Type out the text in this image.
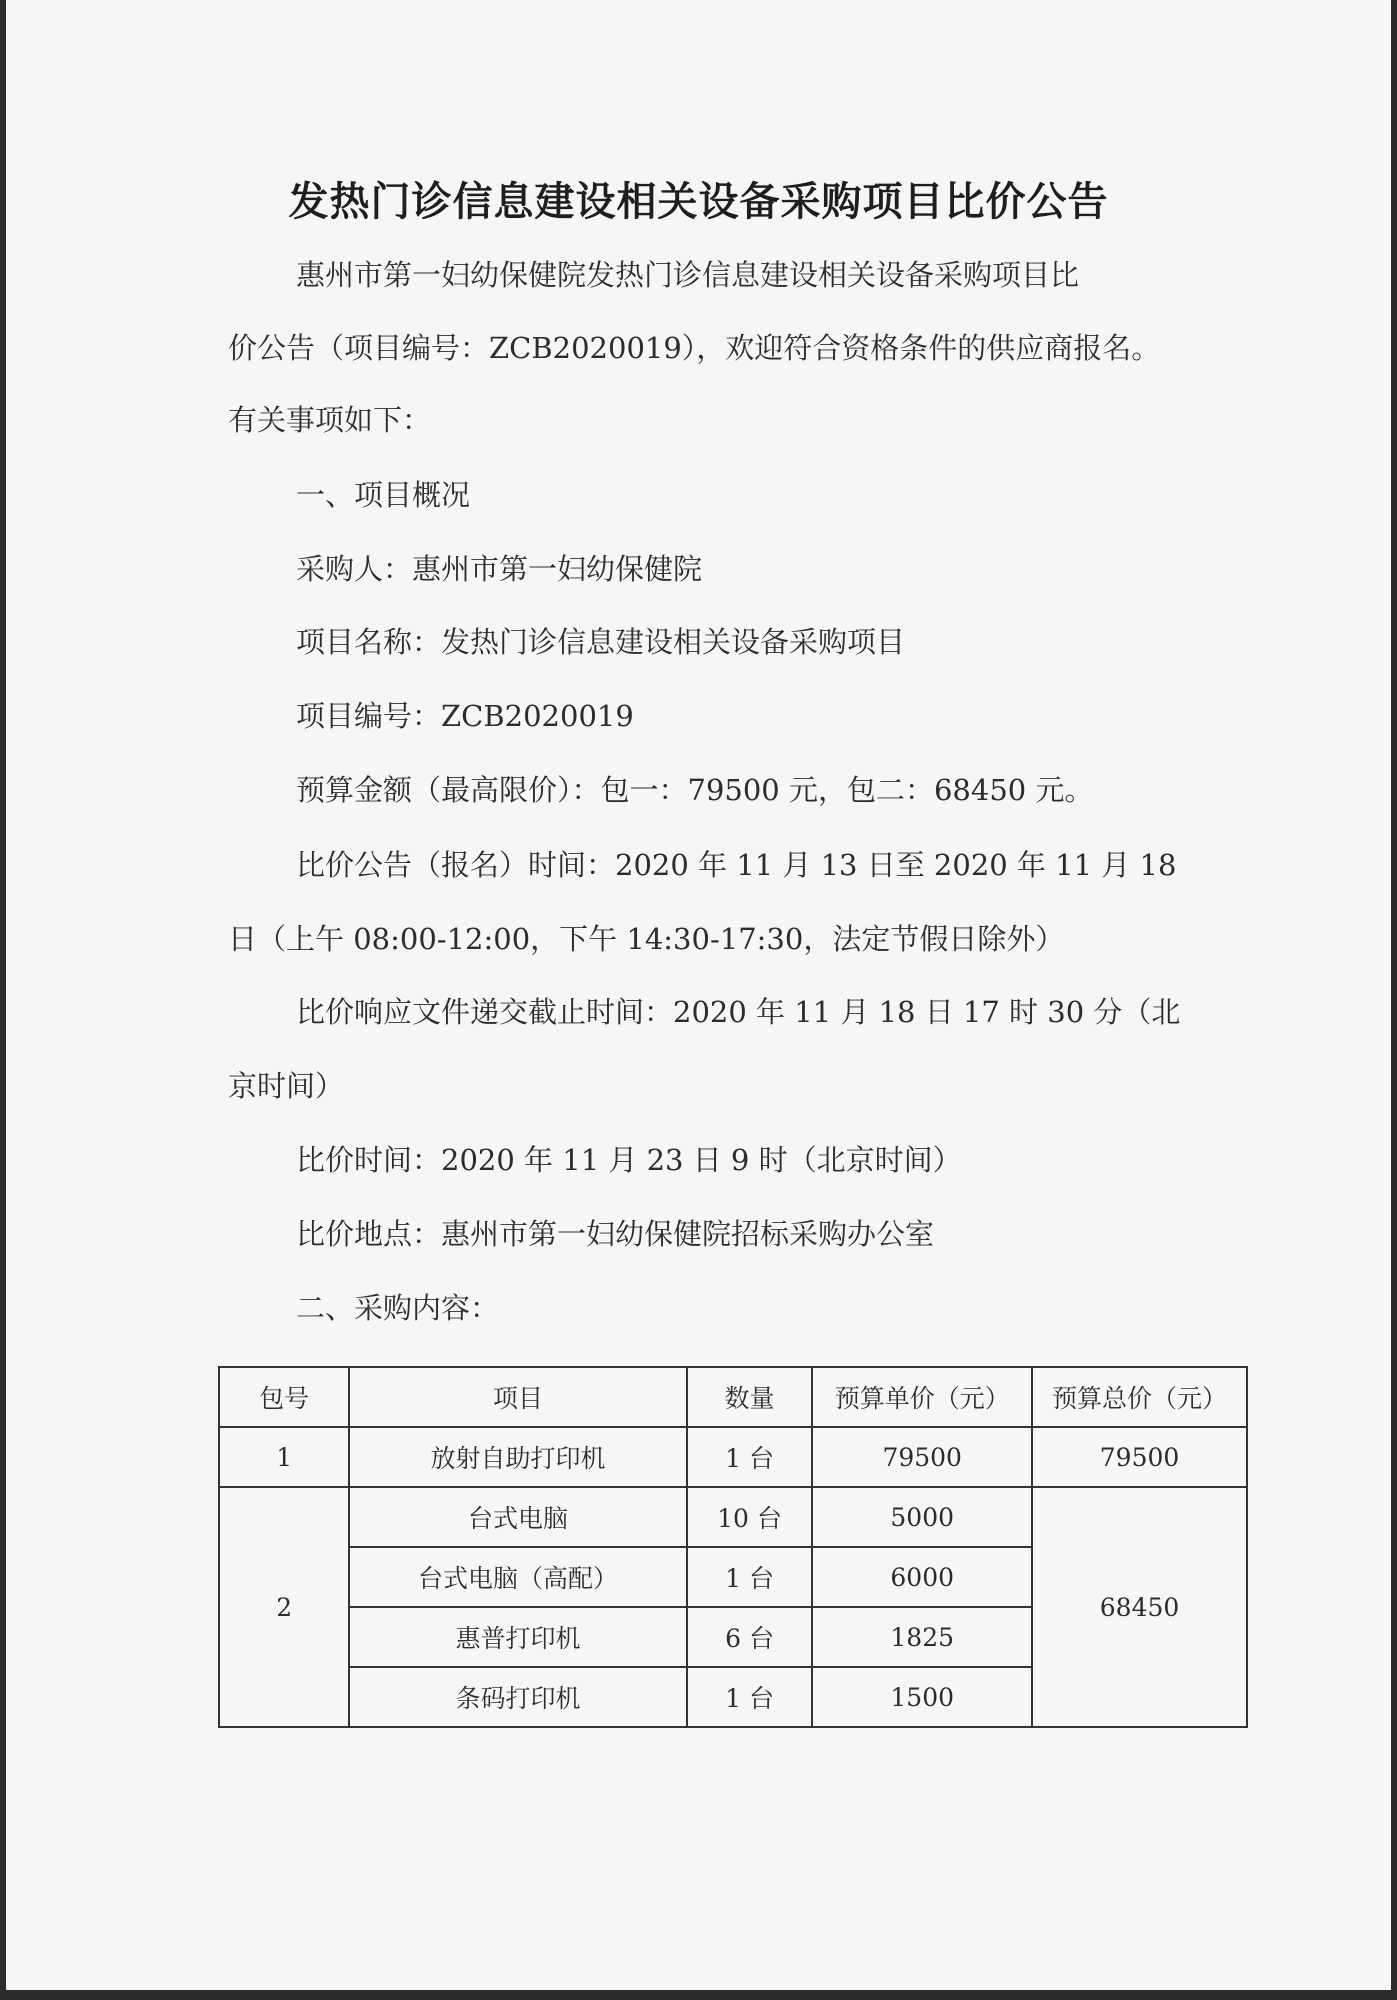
发热门诊信息建设相关设备采购项目比价公告
惠州市第一妇幼保健院发热门诊信息建设相关设备采购项目比
价公告（项目编号：ZCB2020019），欢迎符合资格条件的供应商报名。
有关事项如下：
一、项目概况
采购人：惠州市第一妇幼保健院
项目名称：发热门诊信息建设相关设备采购项目
项目编号：ZCB2020019
预算金额（最高限价）：包一：79500 元，包二：68450 元。
比价公告（报名）时间：2020 年 11 月 13 日至 2020 年 11 月 18
日（上午 08:00-12:00，下午 14:30-17:30，法定节假日除外）
比价响应文件递交截止时间：2020 年 11 月 18 日 17 时 30 分（北
京时间）
比价时间：2020 年 11 月 23 日 9 时（北京时间）
比价地点：惠州市第一妇幼保健院招标采购办公室
二、采购内容：
包号	项目	数量	预算单价（元）	预算总价（元）
1	放射自助打印机	1 台	79500	79500
2	台式电脑	10 台	5000	68450
	台式电脑（高配）	1 台	6000	
	惠普打印机	6 台	1825	
	条码打印机	1 台	1500	
